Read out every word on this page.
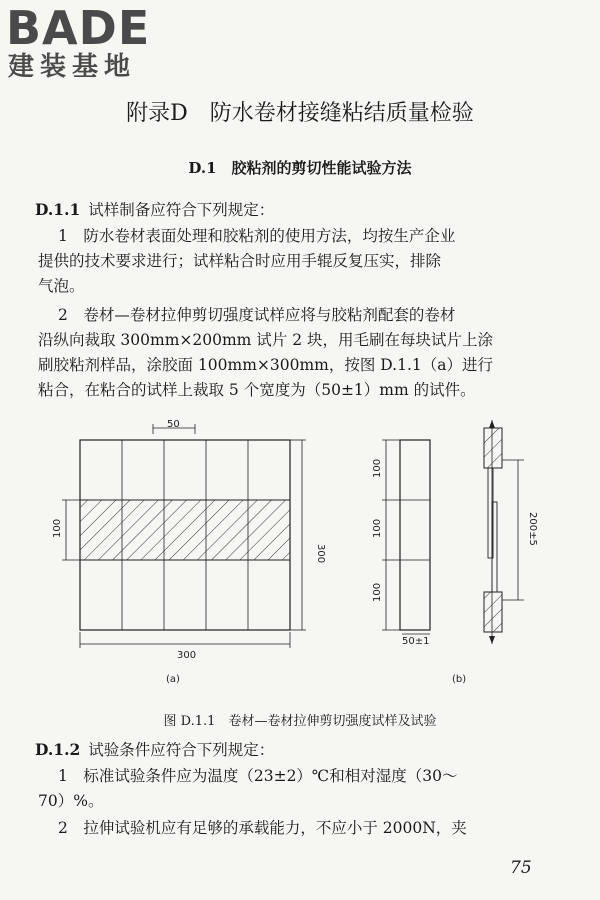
BADE
建装基地
附录D　防水卷材接缝粘结质量检验
D.1　胶粘剂的剪切性能试验方法
D.1.1 试样制备应符合下列规定：
1　防水卷材表面处理和胶粘剂的使用方法，均按生产企业
提供的技术要求进行；试样粘合时应用手辊反复压实，排除
气泡。
2　卷材—卷材拉伸剪切强度试样应将与胶粘剂配套的卷材
沿纵向裁取 300mm×200mm 试片 2 块，用毛刷在每块试片上涂
刷胶粘剂样品，涂胶面 100mm×300mm，按图 D.1.1（a）进行
粘合，在粘合的试样上裁取 5 个宽度为（50±1）mm 的试件。
50
100
300
300
(a)
100
100
100
50±1
200±5
(b)
图 D.1.1　卷材—卷材拉伸剪切强度试样及试验
D.1.2 试验条件应符合下列规定：
1　标准试验条件应为温度（23±2）℃和相对湿度（30～
70）%。
2　拉伸试验机应有足够的承载能力，不应小于 2000N，夹
75
